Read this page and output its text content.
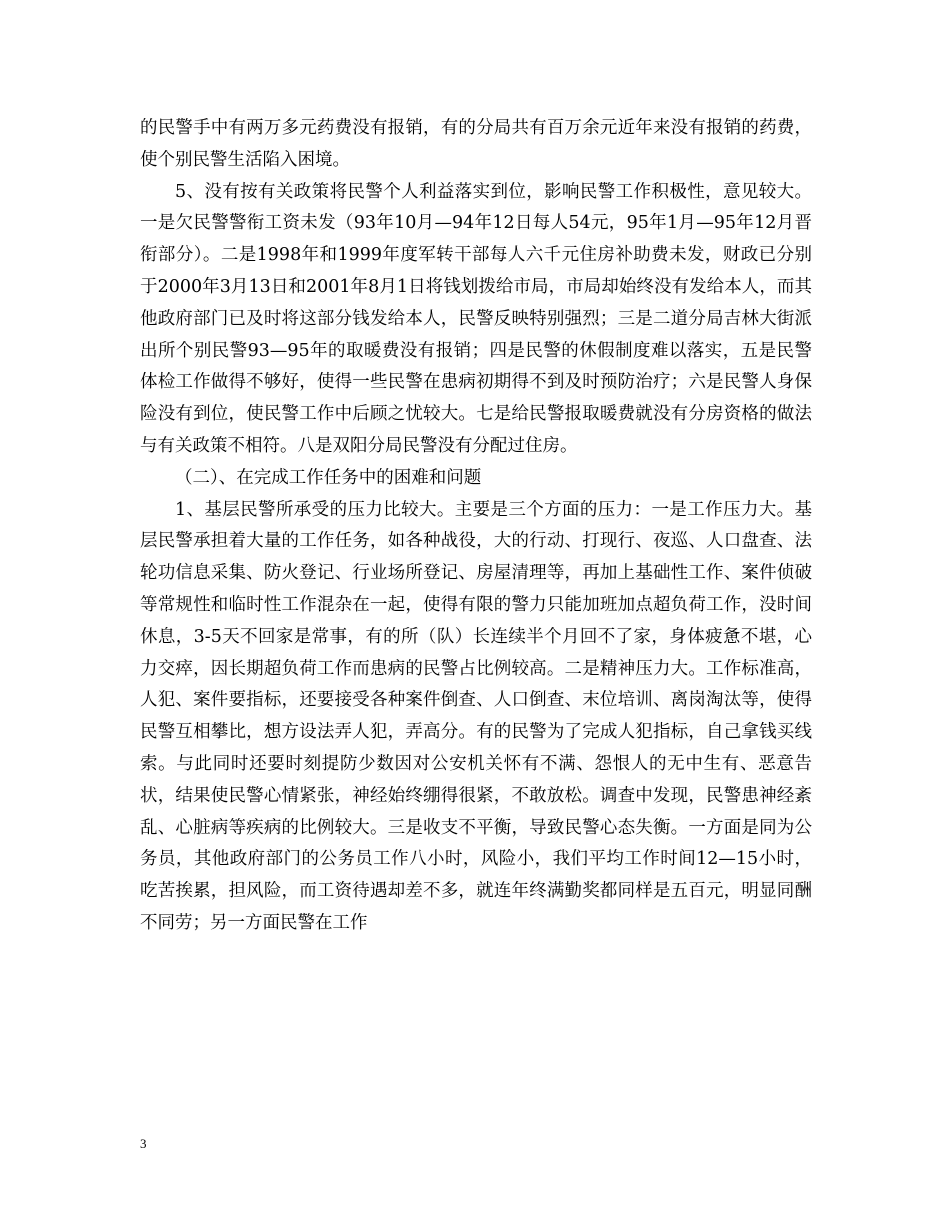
的民警手中有两万多元药费没有报销，有的分局共有百万余元近年来没有报销的药费，使个别民警生活陷入困境。

5、没有按有关政策将民警个人利益落实到位，影响民警工作积极性，意见较大。一是欠民警警衔工资未发（93年10月—94年12日每人54元，95年1月—95年12月晋衔部分）。二是1998年和1999年度军转干部每人六千元住房补助费未发，财政已分别于2000年3月13日和2001年8月1日将钱划拨给市局，市局却始终没有发给本人，而其他政府部门已及时将这部分钱发给本人，民警反映特别强烈；三是二道分局吉林大街派出所个别民警93—95年的取暖费没有报销；四是民警的休假制度难以落实，五是民警体检工作做得不够好，使得一些民警在患病初期得不到及时预防治疗；六是民警人身保险没有到位，使民警工作中后顾之忧较大。七是给民警报取暖费就没有分房资格的做法与有关政策不相符。八是双阳分局民警没有分配过住房。

（二）、在完成工作任务中的困难和问题

1、基层民警所承受的压力比较大。主要是三个方面的压力：一是工作压力大。基层民警承担着大量的工作任务，如各种战役，大的行动、打现行、夜巡、人口盘查、法轮功信息采集、防火登记、行业场所登记、房屋清理等，再加上基础性工作、案件侦破等常规性和临时性工作混杂在一起，使得有限的警力只能加班加点超负荷工作，没时间休息，3-5天不回家是常事，有的所（队）长连续半个月回不了家，身体疲惫不堪，心力交瘁，因长期超负荷工作而患病的民警占比例较高。二是精神压力大。工作标准高，人犯、案件要指标，还要接受各种案件倒查、人口倒查、末位培训、离岗淘汰等，使得民警互相攀比，想方设法弄人犯，弄高分。有的民警为了完成人犯指标，自己拿钱买线索。与此同时还要时刻提防少数因对公安机关怀有不满、怨恨人的无中生有、恶意告状，结果使民警心情紧张，神经始终绷得很紧，不敢放松。调查中发现，民警患神经紊乱、心脏病等疾病的比例较大。三是收支不平衡，导致民警心态失衡。一方面是同为公务员，其他政府部门的公务员工作八小时，风险小，我们平均工作时间12—15小时，吃苦挨累，担风险，而工资待遇却差不多，就连年终满勤奖都同样是五百元，明显同酬不同劳；另一方面民警在工作

3
